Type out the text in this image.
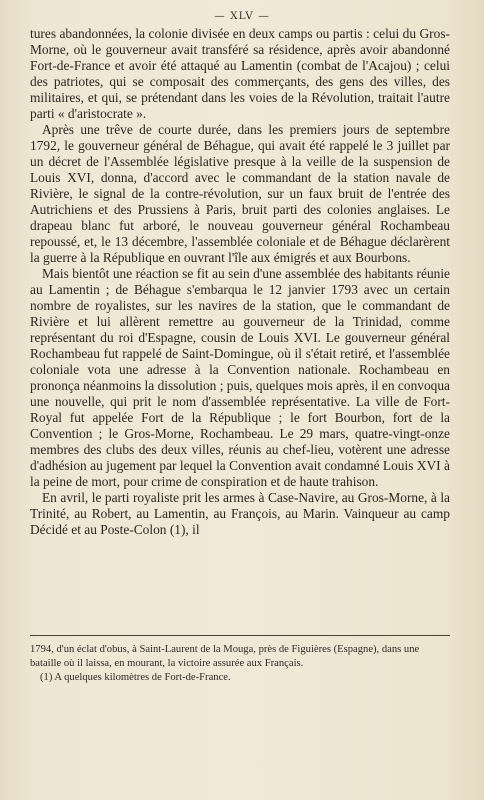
— XLV —

tures abandonnées, la colonie divisée en deux camps ou partis : celui du Gros-Morne, où le gouverneur avait transféré sa résidence, après avoir abandonné Fort-de-France et avoir été attaqué au Lamentin (combat de l'Acajou) ; celui des patriotes, qui se composait des commerçants, des gens des villes, des militaires, et qui, se prétendant dans les voies de la Révolution, traitait l'autre parti « d'aristocrate ».

Après une trêve de courte durée, dans les premiers jours de septembre 1792, le gouverneur général de Béhague, qui avait été rappelé le 3 juillet par un décret de l'Assemblée législative presque à la veille de la suspension de Louis XVI, donna, d'accord avec le commandant de la station navale de Rivière, le signal de la contre-révolution, sur un faux bruit de l'entrée des Autrichiens et des Prussiens à Paris, bruit parti des colonies anglaises. Le drapeau blanc fut arboré, le nouveau gouverneur général Rochambeau repoussé, et, le 13 décembre, l'assemblée coloniale et de Béhague déclarèrent la guerre à la République en ouvrant l'île aux émigrés et aux Bourbons.

Mais bientôt une réaction se fit au sein d'une assemblée des habitants réunie au Lamentin ; de Béhague s'embarqua le 12 janvier 1793 avec un certain nombre de royalistes, sur les navires de la station, que le commandant de Rivière et lui allèrent remettre au gouverneur de la Trinidad, comme représentant du roi d'Espagne, cousin de Louis XVI. Le gouverneur général Rochambeau fut rappelé de Saint-Domingue, où il s'était retiré, et l'assemblée coloniale vota une adresse à la Convention nationale. Rochambeau en prononça néanmoins la dissolution ; puis, quelques mois après, il en convoqua une nouvelle, qui prit le nom d'assemblée représentative. La ville de Fort-Royal fut appelée Fort de la République ; le fort Bourbon, fort de la Convention ; le Gros-Morne, Rochambeau. Le 29 mars, quatre-vingt-onze membres des clubs des deux villes, réunis au chef-lieu, votèrent une adresse d'adhésion au jugement par lequel la Convention avait condamné Louis XVI à la peine de mort, pour crime de conspiration et de haute trahison.

En avril, le parti royaliste prit les armes à Case-Navire, au Gros-Morne, à la Trinité, au Robert, au Lamentin, au François, au Marin. Vainqueur au camp Décidé et au Poste-Colon (1), il

1794, d'un éclat d'obus, à Saint-Laurent de la Mouga, près de Figuières (Espagne), dans une bataille où il laissa, en mourant, la victoire assurée aux Français.

(1) A quelques kilomètres de Fort-de-France.
